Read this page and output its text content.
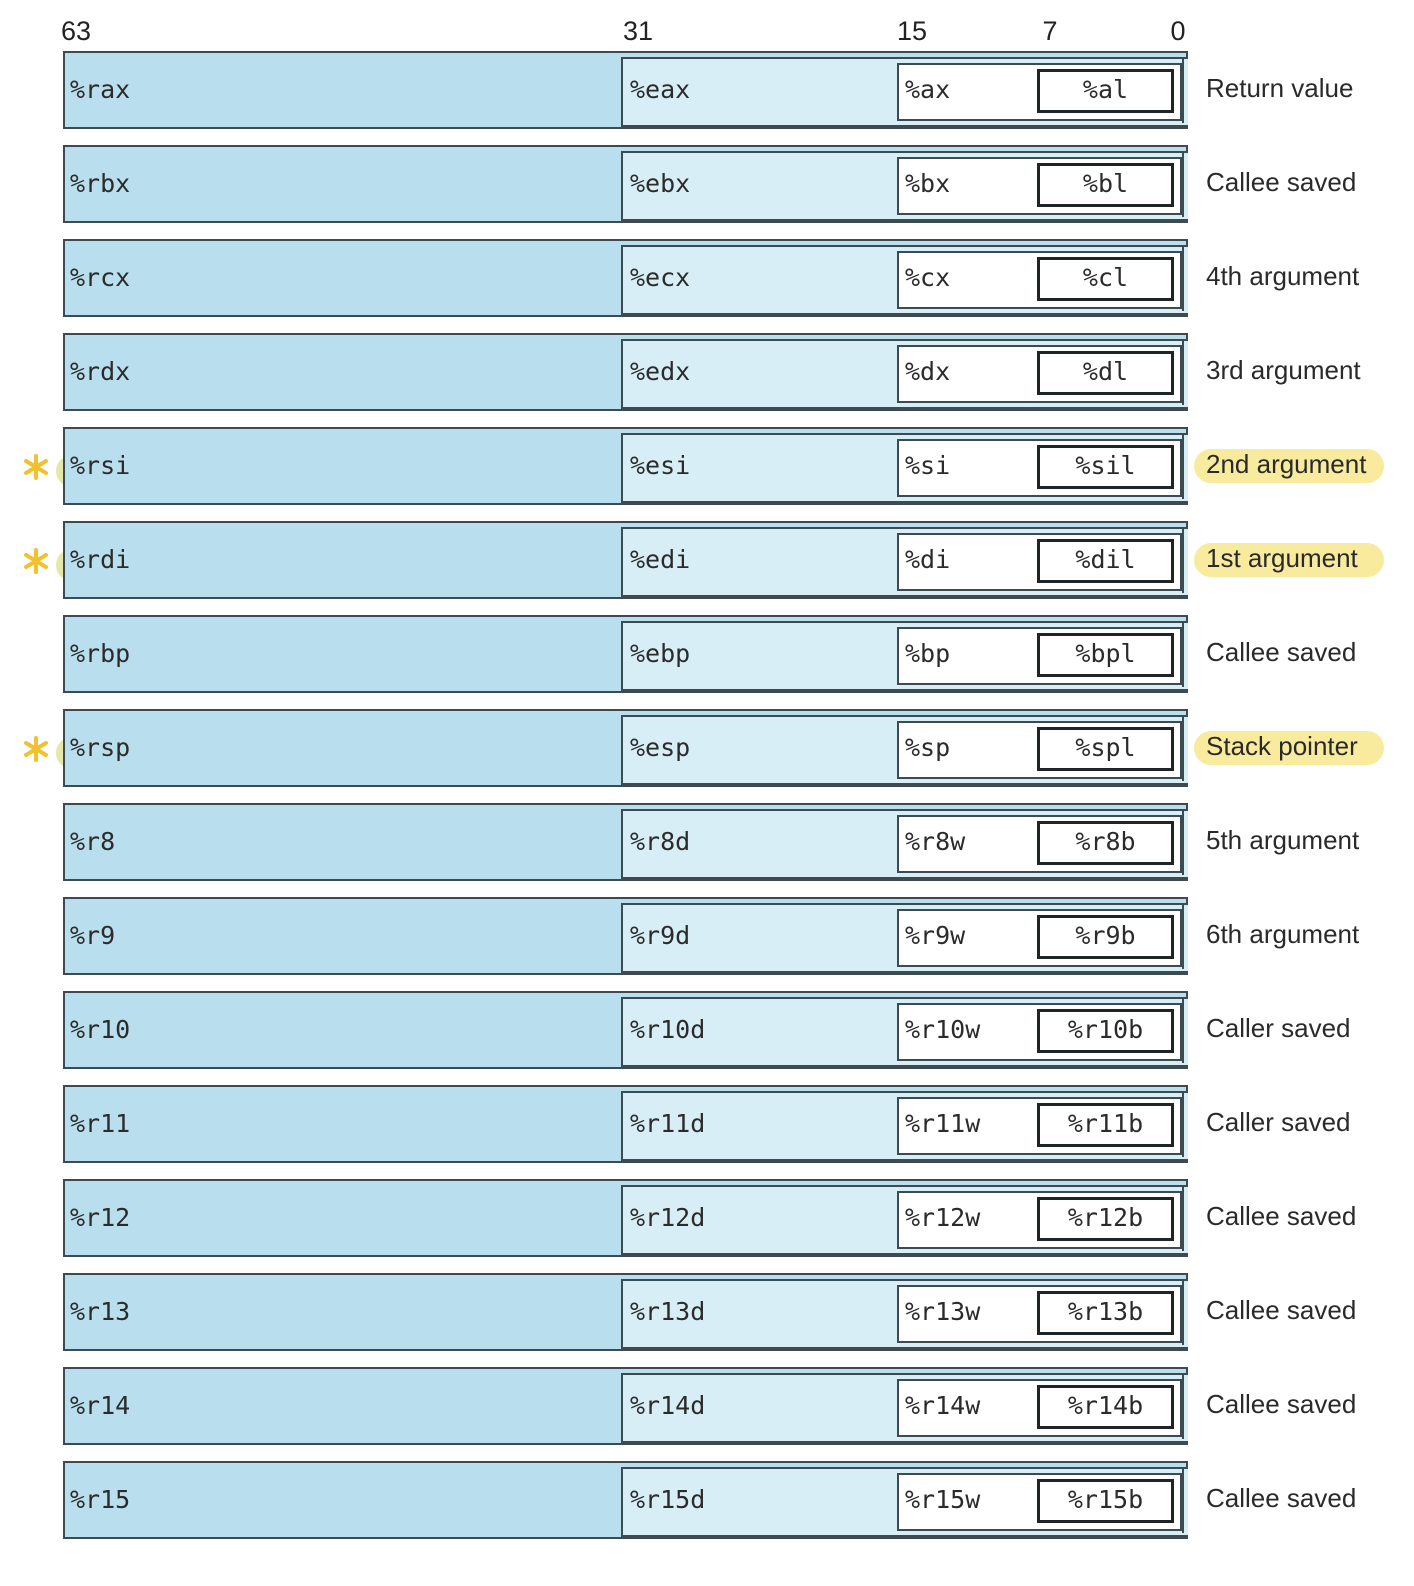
63	31	15	7	0
%rax	%eax	%ax	%al	Return value
%rbx	%ebx	%bx	%bl	Callee saved
%rcx	%ecx	%cx	%cl	4th argument
%rdx	%edx	%dx	%dl	3rd argument
%rsi	%esi	%si	%sil	2nd argument
%rdi	%edi	%di	%dil	1st argument
%rbp	%ebp	%bp	%bpl	Callee saved
%rsp	%esp	%sp	%spl	Stack pointer
%r8	%r8d	%r8w	%r8b	5th argument
%r9	%r9d	%r9w	%r9b	6th argument
%r10	%r10d	%r10w	%r10b	Caller saved
%r11	%r11d	%r11w	%r11b	Caller saved
%r12	%r12d	%r12w	%r12b	Callee saved
%r13	%r13d	%r13w	%r13b	Callee saved
%r14	%r14d	%r14w	%r14b	Callee saved
%r15	%r15d	%r15w	%r15b	Callee saved
